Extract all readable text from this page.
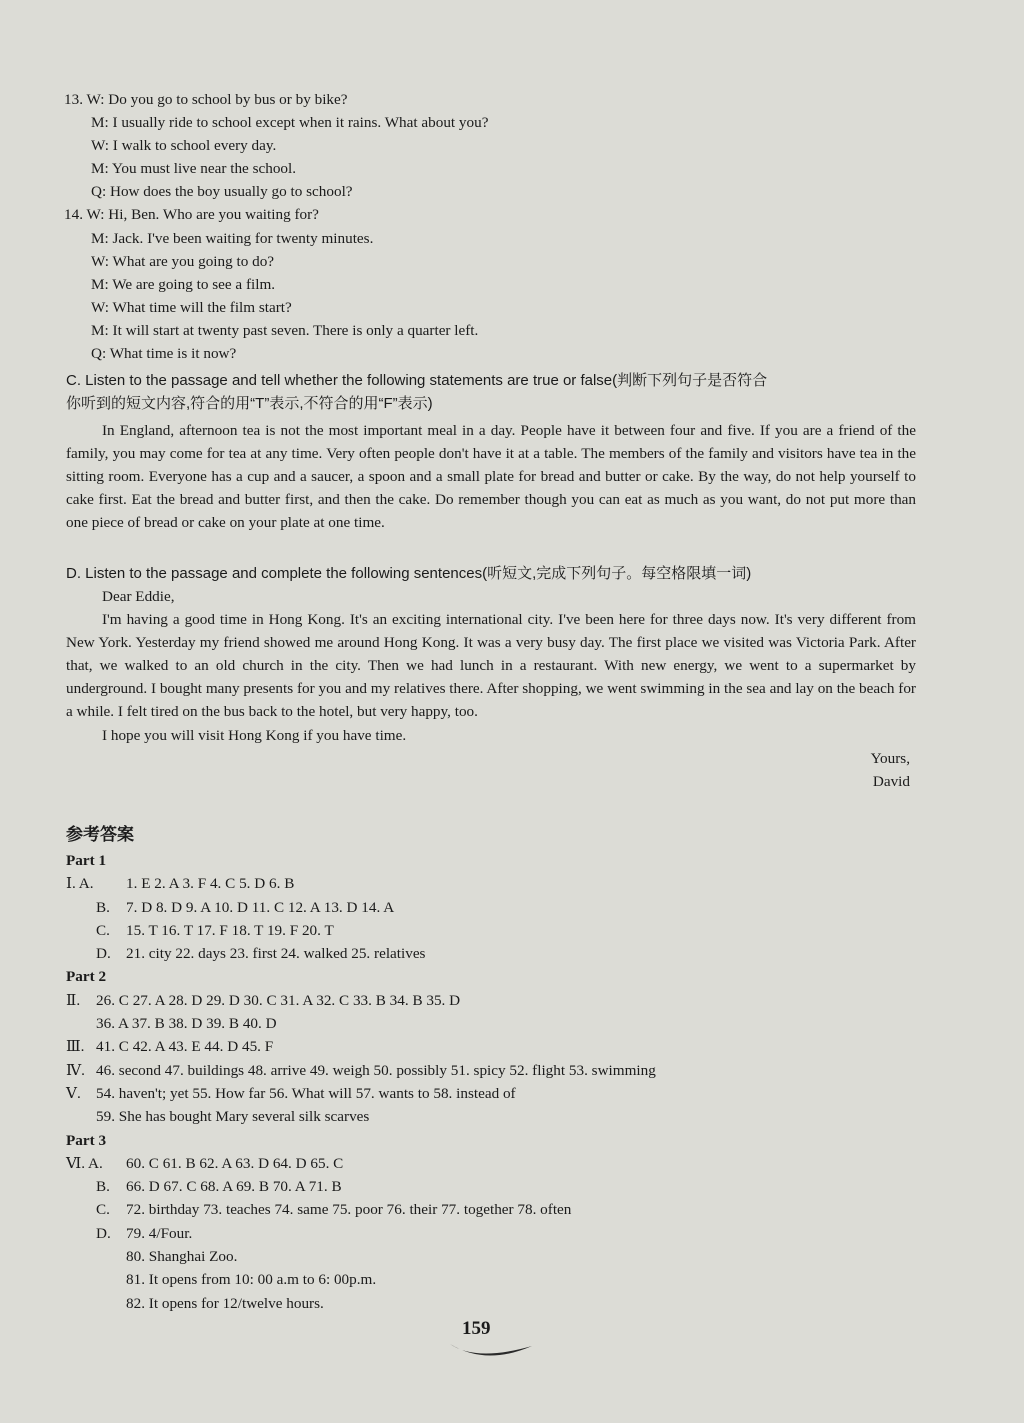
13. W: Do you go to school by bus or by bike?
M: I usually ride to school except when it rains. What about you?
W: I walk to school every day.
M: You must live near the school.
Q: How does the boy usually go to school?
14. W: Hi, Ben. Who are you waiting for?
M: Jack. I've been waiting for twenty minutes.
W: What are you going to do?
M: We are going to see a film.
W: What time will the film start?
M: It will start at twenty past seven. There is only a quarter left.
Q: What time is it now?
C. Listen to the passage and tell whether the following statements are true or false(判断下列句子是否符合
你听到的短文内容,符合的用“T”表示,不符合的用“F”表示)
In England, afternoon tea is not the most important meal in a day. People have it between four and five. If you are a friend of the family, you may come for tea at any time. Very often people don't have it at a table. The members of the family and visitors have tea in the sitting room. Everyone has a cup and a saucer, a spoon and a small plate for bread and butter or cake. By the way, do not help yourself to cake first. Eat the bread and butter first, and then the cake. Do remember though you can eat as much as you want, do not put more than one piece of bread or cake on your plate at one time.
D. Listen to the passage and complete the following sentences(听短文,完成下列句子。每空格限填一词)
Dear Eddie,
I'm having a good time in Hong Kong. It's an exciting international city. I've been here for three days now. It's very different from New York. Yesterday my friend showed me around Hong Kong. It was a very busy day. The first place we visited was Victoria Park. After that, we walked to an old church in the city. Then we had lunch in a restaurant. With new energy, we went to a supermarket by underground. I bought many presents for you and my relatives there. After shopping, we went swimming in the sea and lay on the beach for a while. I felt tired on the bus back to the hotel, but very happy, too.
I hope you will visit Hong Kong if you have time.
Yours,
David
参考答案
Part 1
Ⅰ. A. 1. E 2. A 3. F 4. C 5. D 6. B
B. 7. D 8. D 9. A 10. D 11. C 12. A 13. D 14. A
C. 15. T 16. T 17. F 18. T 19. F 20. T
D. 21. city 22. days 23. first 24. walked 25. relatives
Part 2
Ⅱ. 26. C 27. A 28. D 29. D 30. C 31. A 32. C 33. B 34. B 35. D
36. A 37. B 38. D 39. B 40. D
Ⅲ. 41. C 42. A 43. E 44. D 45. F
Ⅳ. 46. second 47. buildings 48. arrive 49. weigh 50. possibly 51. spicy 52. flight 53. swimming
Ⅴ. 54. haven't; yet 55. How far 56. What will 57. wants to 58. instead of
59. She has bought Mary several silk scarves
Part 3
Ⅵ. A. 60. C 61. B 62. A 63. D 64. D 65. C
B. 66. D 67. C 68. A 69. B 70. A 71. B
C. 72. birthday 73. teaches 74. same 75. poor 76. their 77. together 78. often
D. 79. 4/Four.
80. Shanghai Zoo.
81. It opens from 10: 00 a.m to 6: 00p.m.
82. It opens for 12/twelve hours.
159
